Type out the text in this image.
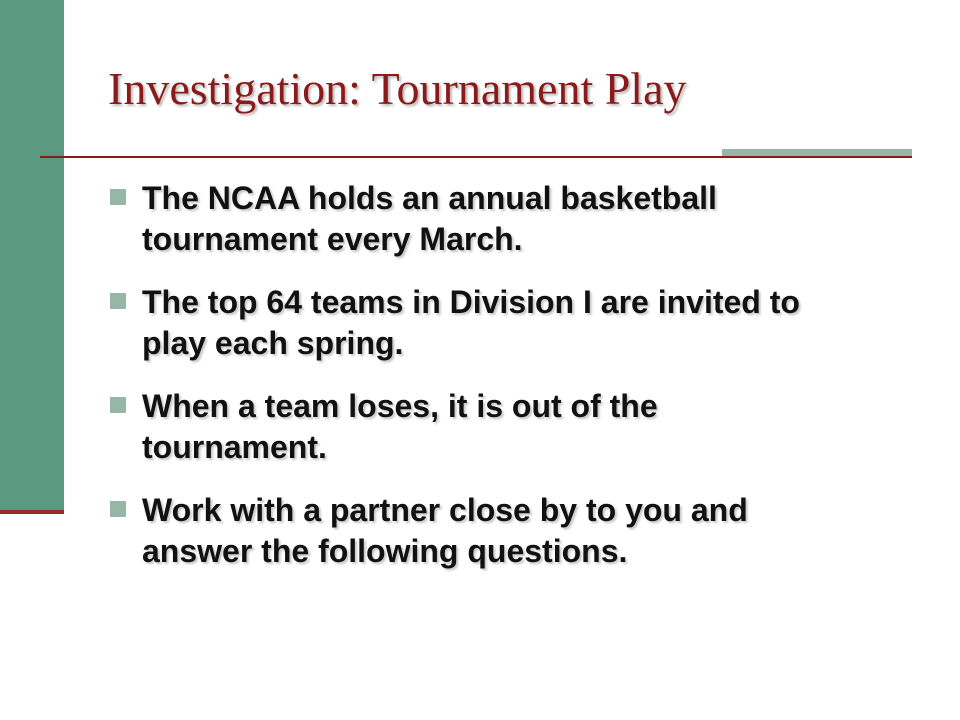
Investigation: Tournament Play
The NCAA holds an annual basketball tournament every March.
The top 64 teams in Division I are invited to play each spring.
When a team loses, it is out of the tournament.
Work with a partner close by to you and answer the following questions.
